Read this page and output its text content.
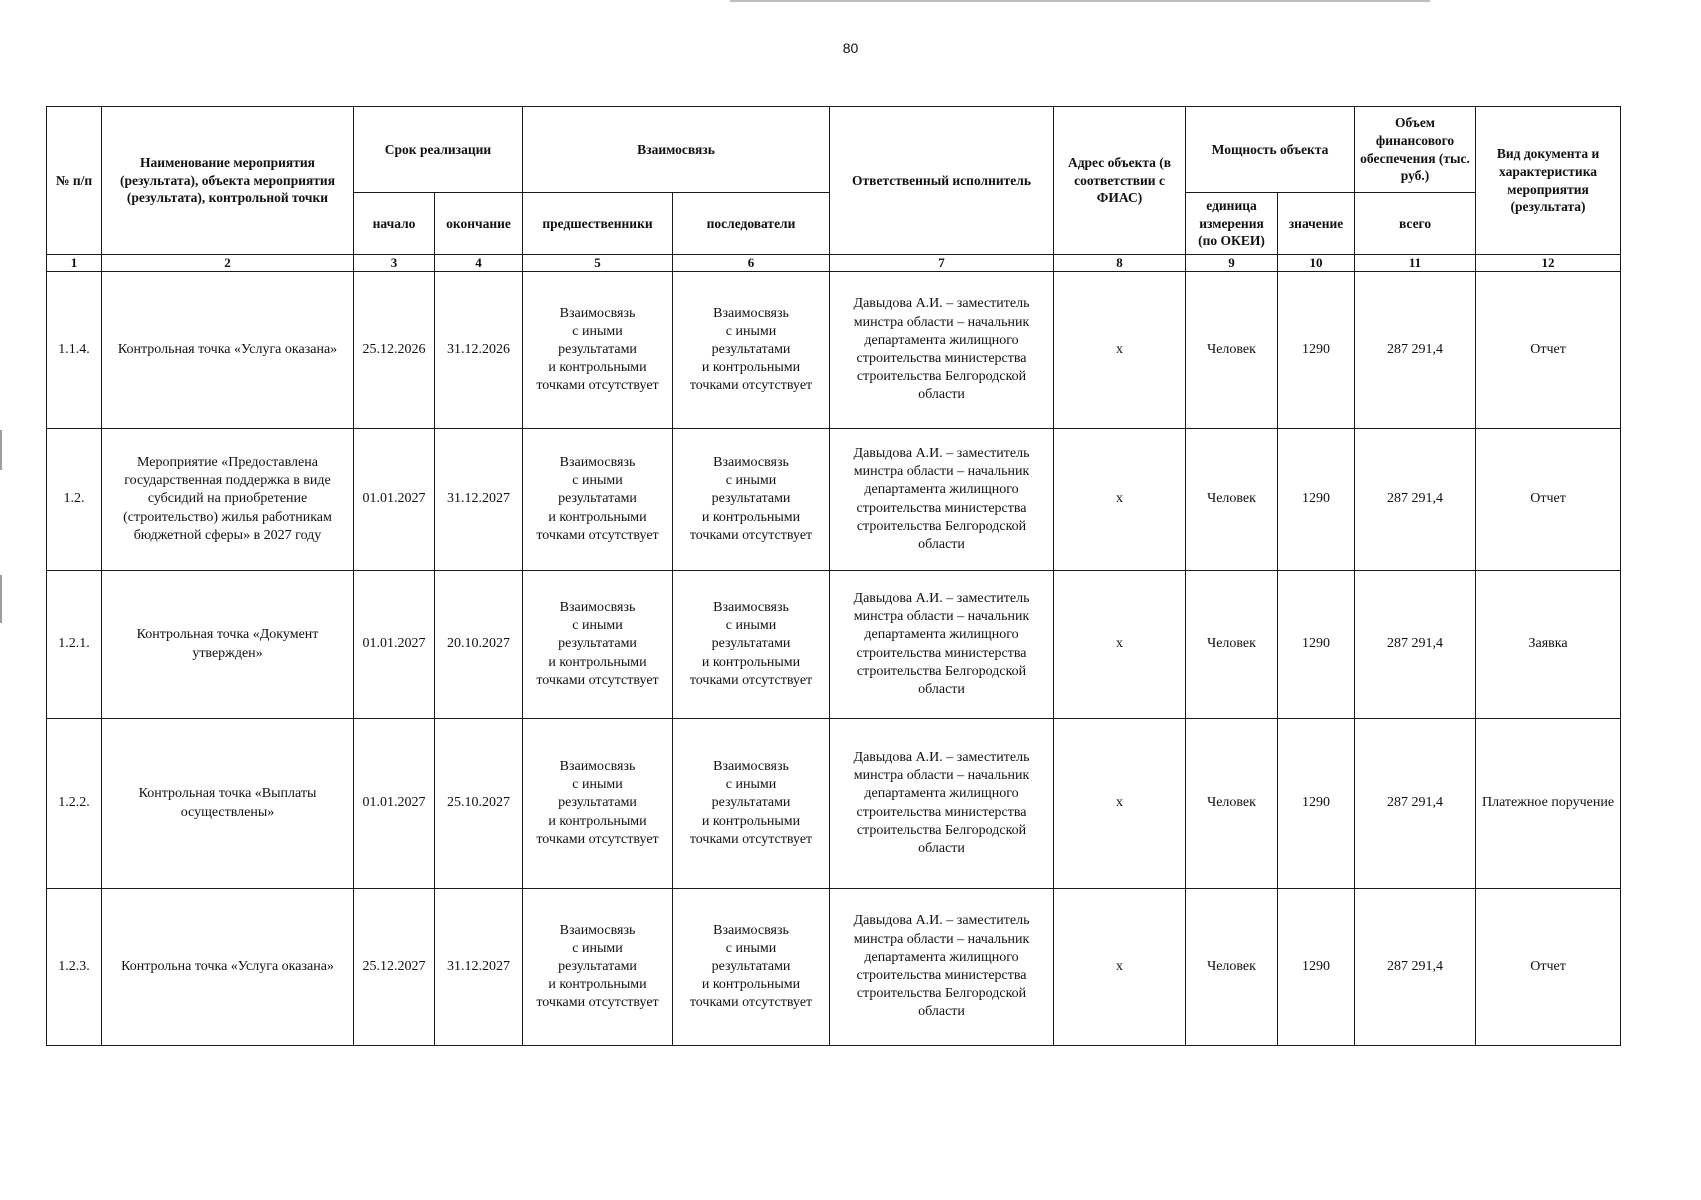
80
№ п/п	Наименование мероприятия (результата), объекта мероприятия (результата), контрольной точки	Срок реализации		Взаимосвязь		Ответственный исполнитель	Адрес объекта (в соответствии с ФИАС)	Мощность объекта		Объем финансового обеспечения (тыс. руб.)	Вид документа и характеристика мероприятия (результата)
		начало	окончание	предшественники	последователи			единица измерения (по ОКЕИ)	значение	всего	
1	2	3	4	5	6	7	8	9	10	11	12
1.1.4.	Контрольная точка «Услуга оказана»	25.12.2026	31.12.2026	Взаимосвязь
с иными
результатами
и контрольными
точками отсутствует	Взаимосвязь
с иными
результатами
и контрольными
точками отсутствует	Давыдова А.И. – заместитель минстра области – начальник департамента жилищного строительства министерства строительства Белгородской области	х	Человек	1290	287 291,4	Отчет
1.2.	Мероприятие «Предоставлена государственная поддержка в виде субсидий на приобретение (строительство) жилья работникам бюджетной сферы» в 2027 году	01.01.2027	31.12.2027	Взаимосвязь
с иными
результатами
и контрольными
точками отсутствует	Взаимосвязь
с иными
результатами
и контрольными
точками отсутствует	Давыдова А.И. – заместитель минстра области – начальник департамента жилищного строительства министерства строительства Белгородской области	х	Человек	1290	287 291,4	Отчет
1.2.1.	Контрольная точка «Документ утвержден»	01.01.2027	20.10.2027	Взаимосвязь
с иными
результатами
и контрольными
точками отсутствует	Взаимосвязь
с иными
результатами
и контрольными
точками отсутствует	Давыдова А.И. – заместитель минстра области – начальник департамента жилищного строительства министерства строительства Белгородской области	х	Человек	1290	287 291,4	Заявка
1.2.2.	Контрольная точка «Выплаты осуществлены»	01.01.2027	25.10.2027	Взаимосвязь
с иными
результатами
и контрольными
точками отсутствует	Взаимосвязь
с иными
результатами
и контрольными
точками отсутствует	Давыдова А.И. – заместитель минстра области – начальник департамента жилищного строительства министерства строительства Белгородской области	х	Человек	1290	287 291,4	Платежное поручение
1.2.3.	Контрольна точка «Услуга оказана»	25.12.2027	31.12.2027	Взаимосвязь
с иными
результатами
и контрольными
точками отсутствует	Взаимосвязь
с иными
результатами
и контрольными
точками отсутствует	Давыдова А.И. – заместитель минстра области – начальник департамента жилищного строительства министерства строительства Белгородской области	х	Человек	1290	287 291,4	Отчет
